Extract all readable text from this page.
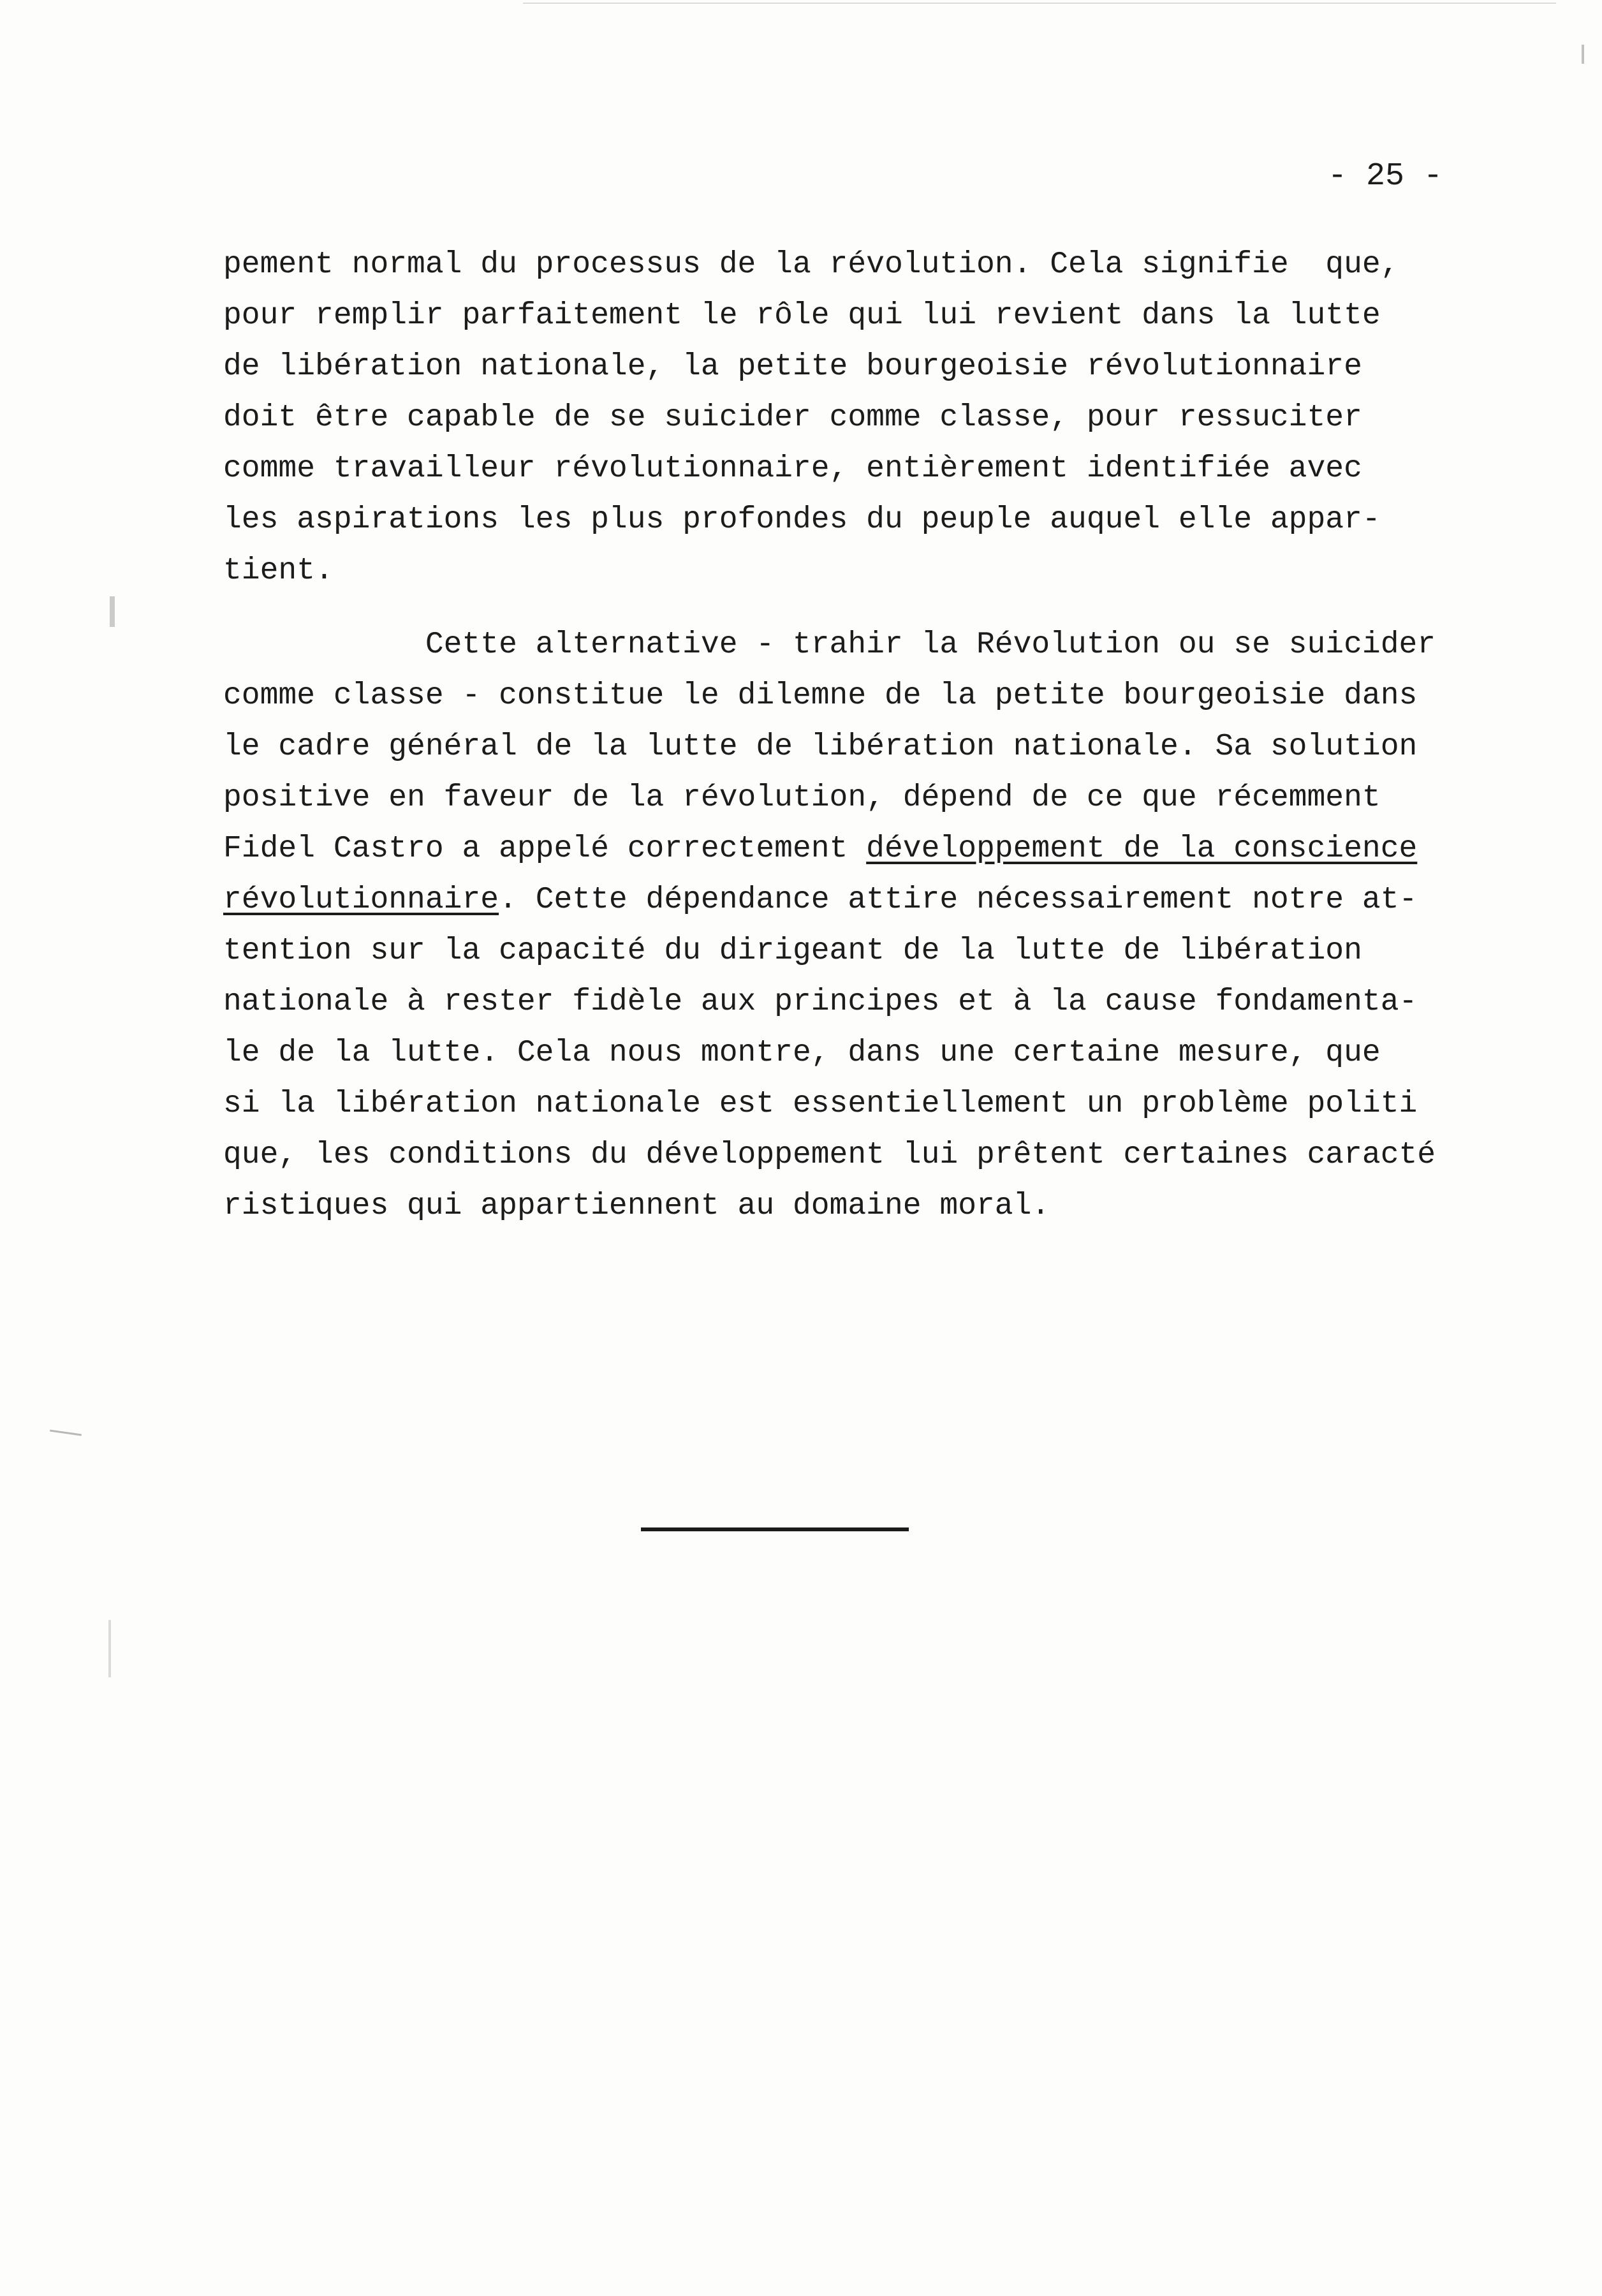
- 25 -
pement normal du processus de la révolution. Cela signifie  que,
pour remplir parfaitement le rôle qui lui revient dans la lutte
de libération nationale, la petite bourgeoisie révolutionnaire
doit être capable de se suicider comme classe, pour ressuciter
comme travailleur révolutionnaire, entièrement identifiée avec
les aspirations les plus profondes du peuple auquel elle appar-
tient.
Cette alternative - trahir la Révolution ou se suicider
comme classe - constitue le dilemne de la petite bourgeoisie dans
le cadre général de la lutte de libération nationale. Sa solution
positive en faveur de la révolution, dépend de ce que récemment
Fidel Castro a appelé correctement développement de la conscience
révolutionnaire. Cette dépendance attire nécessairement notre at-
tention sur la capacité du dirigeant de la lutte de libération
nationale à rester fidèle aux principes et à la cause fondamenta-
le de la lutte. Cela nous montre, dans une certaine mesure, que
si la libération nationale est essentiellement un problème politi
que, les conditions du développement lui prêtent certaines caracté
ristiques qui appartiennent au domaine moral.
